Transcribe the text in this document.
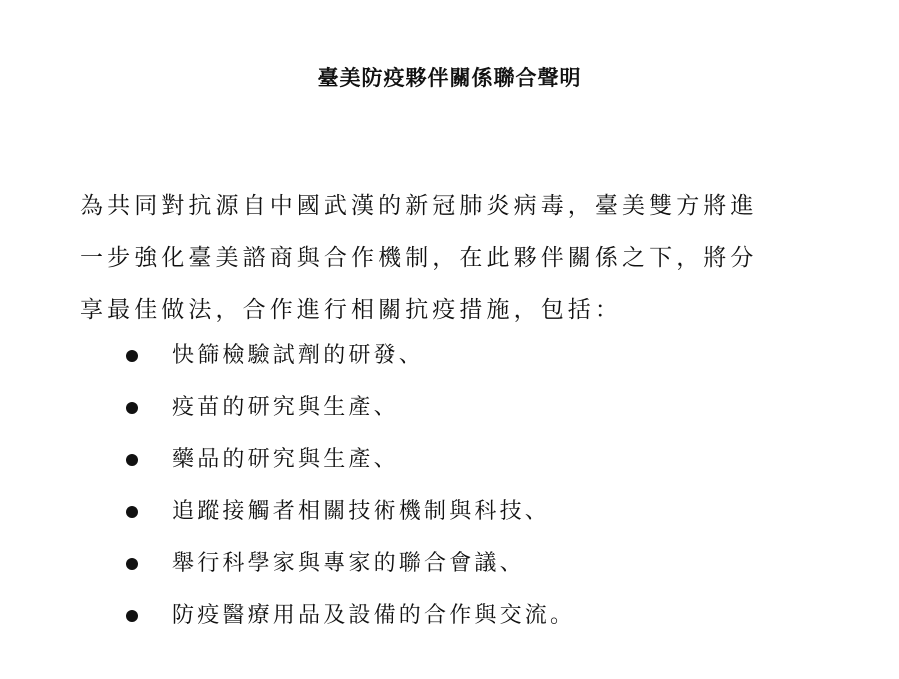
臺美防疫夥伴關係聯合聲明
為共同對抗源自中國武漢的新冠肺炎病毒，臺美雙方將進
一步強化臺美諮商與合作機制，在此夥伴關係之下，將分
享最佳做法，合作進行相關抗疫措施，包括：
快篩檢驗試劑的研發、
疫苗的研究與生產、
藥品的研究與生產、
追蹤接觸者相關技術機制與科技、
舉行科學家與專家的聯合會議、
防疫醫療用品及設備的合作與交流。
